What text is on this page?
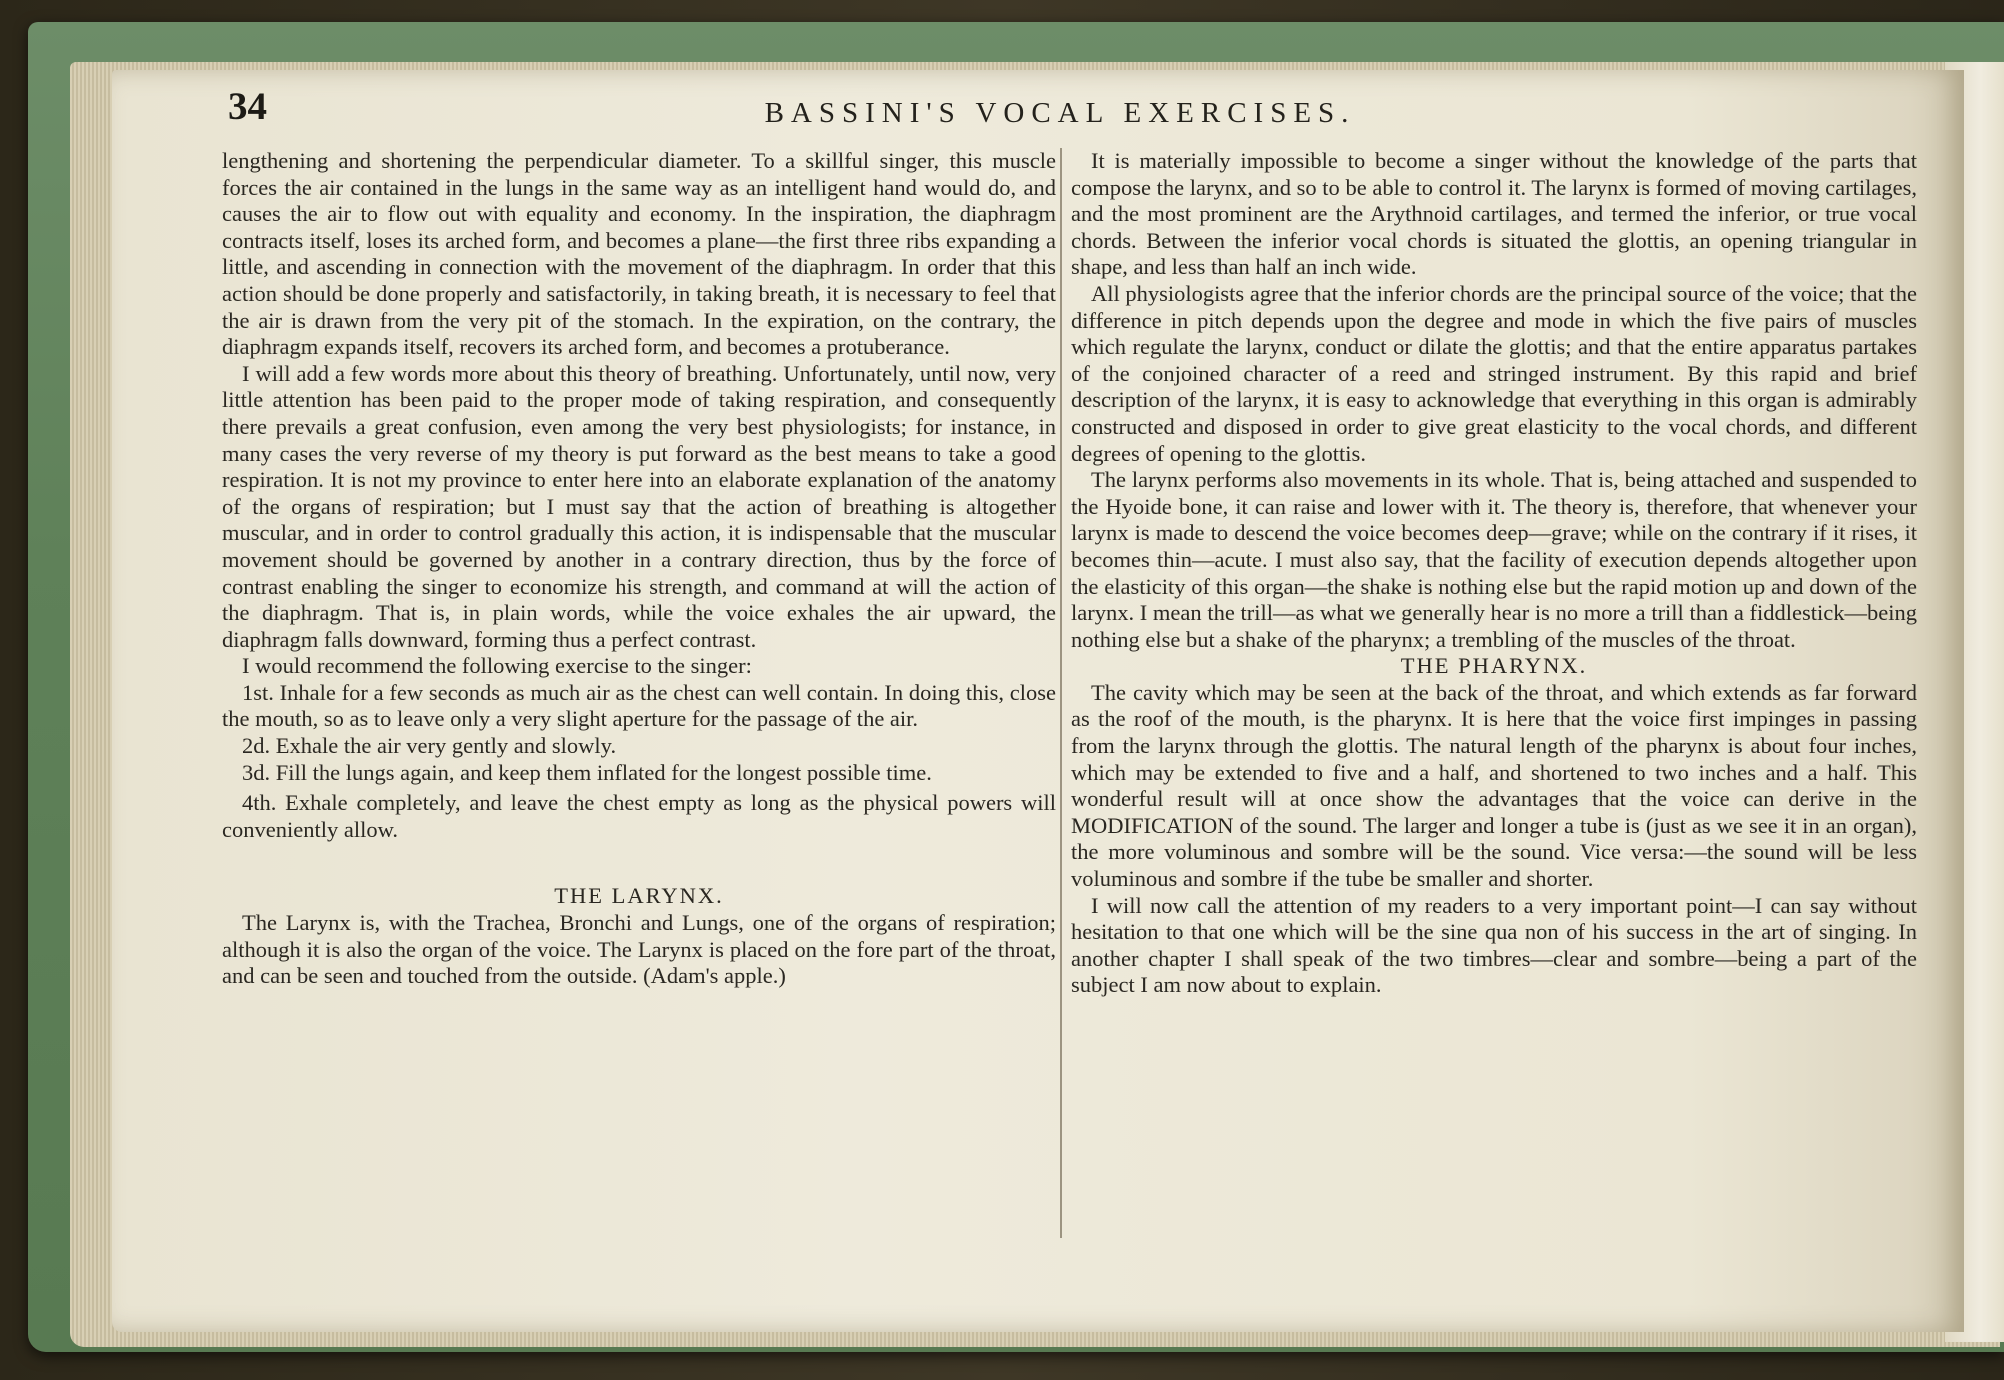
34	BASSINI'S VOCAL EXERCISES.

lengthening and shortening the perpendicular diameter. To a skillful singer, this muscle forces the air contained in the lungs in the same way as an intelligent hand would do, and causes the air to flow out with equality and economy. In the inspiration, the diaphragm contracts itself, loses its arched form, and becomes a plane—the first three ribs expanding a little, and ascending in connection with the movement of the diaphragm. In order that this action should be done properly and satisfactorily, in taking breath, it is necessary to feel that the air is drawn from the very pit of the stomach. In the expiration, on the contrary, the diaphragm expands itself, recovers its arched form, and becomes a protuberance.

I will add a few words more about this theory of breathing. Unfortunately, until now, very little attention has been paid to the proper mode of taking respiration, and consequently there prevails a great confusion, even among the very best physiologists; for instance, in many cases the very reverse of my theory is put forward as the best means to take a good respiration. It is not my province to enter here into an elaborate explanation of the anatomy of the organs of respiration; but I must say that the action of breathing is altogether muscular, and in order to control gradually this action, it is indispensable that the muscular movement should be governed by another in a contrary direction, thus by the force of contrast enabling the singer to economize his strength, and command at will the action of the diaphragm. That is, in plain words, while the voice exhales the air upward, the diaphragm falls downward, forming thus a perfect contrast.

I would recommend the following exercise to the singer:

1st. Inhale for a few seconds as much air as the chest can well contain. In doing this, close the mouth, so as to leave only a very slight aperture for the passage of the air.

2d. Exhale the air very gently and slowly.

3d. Fill the lungs again, and keep them inflated for the longest possible time.

4th. Exhale completely, and leave the chest empty as long as the physical powers will conveniently allow.

THE LARYNX.

The Larynx is, with the Trachea, Bronchi and Lungs, one of the organs of respiration; although it is also the organ of the voice. The Larynx is placed on the fore part of the throat, and can be seen and touched from the outside. (Adam's apple.)

It is materially impossible to become a singer without the knowledge of the parts that compose the larynx, and so to be able to control it. The larynx is formed of moving cartilages, and the most prominent are the Arythnoid cartilages, and termed the inferior, or true vocal chords. Between the inferior vocal chords is situated the glottis, an opening triangular in shape, and less than half an inch wide.

All physiologists agree that the inferior chords are the principal source of the voice; that the difference in pitch depends upon the degree and mode in which the five pairs of muscles which regulate the larynx, conduct or dilate the glottis; and that the entire apparatus partakes of the conjoined character of a reed and stringed instrument. By this rapid and brief description of the larynx, it is easy to acknowledge that everything in this organ is admirably constructed and disposed in order to give great elasticity to the vocal chords, and different degrees of opening to the glottis.

The larynx performs also movements in its whole. That is, being attached and suspended to the Hyoide bone, it can raise and lower with it. The theory is, therefore, that whenever your larynx is made to descend the voice becomes deep—grave; while on the contrary if it rises, it becomes thin—acute. I must also say, that the facility of execution depends altogether upon the elasticity of this organ—the shake is nothing else but the rapid motion up and down of the larynx. I mean the trill—as what we generally hear is no more a trill than a fiddlestick—being nothing else but a shake of the pharynx; a trembling of the muscles of the throat.

THE PHARYNX.

The cavity which may be seen at the back of the throat, and which extends as far forward as the roof of the mouth, is the pharynx. It is here that the voice first impinges in passing from the larynx through the glottis. The natural length of the pharynx is about four inches, which may be extended to five and a half, and shortened to two inches and a half. This wonderful result will at once show the advantages that the voice can derive in the MODIFICATION of the sound. The larger and longer a tube is (just as we see it in an organ), the more voluminous and sombre will be the sound. Vice versa:—the sound will be less voluminous and sombre if the tube be smaller and shorter.

I will now call the attention of my readers to a very important point—I can say without hesitation to that one which will be the sine qua non of his success in the art of singing. In another chapter I shall speak of the two timbres—clear and sombre—being a part of the subject I am now about to explain.
